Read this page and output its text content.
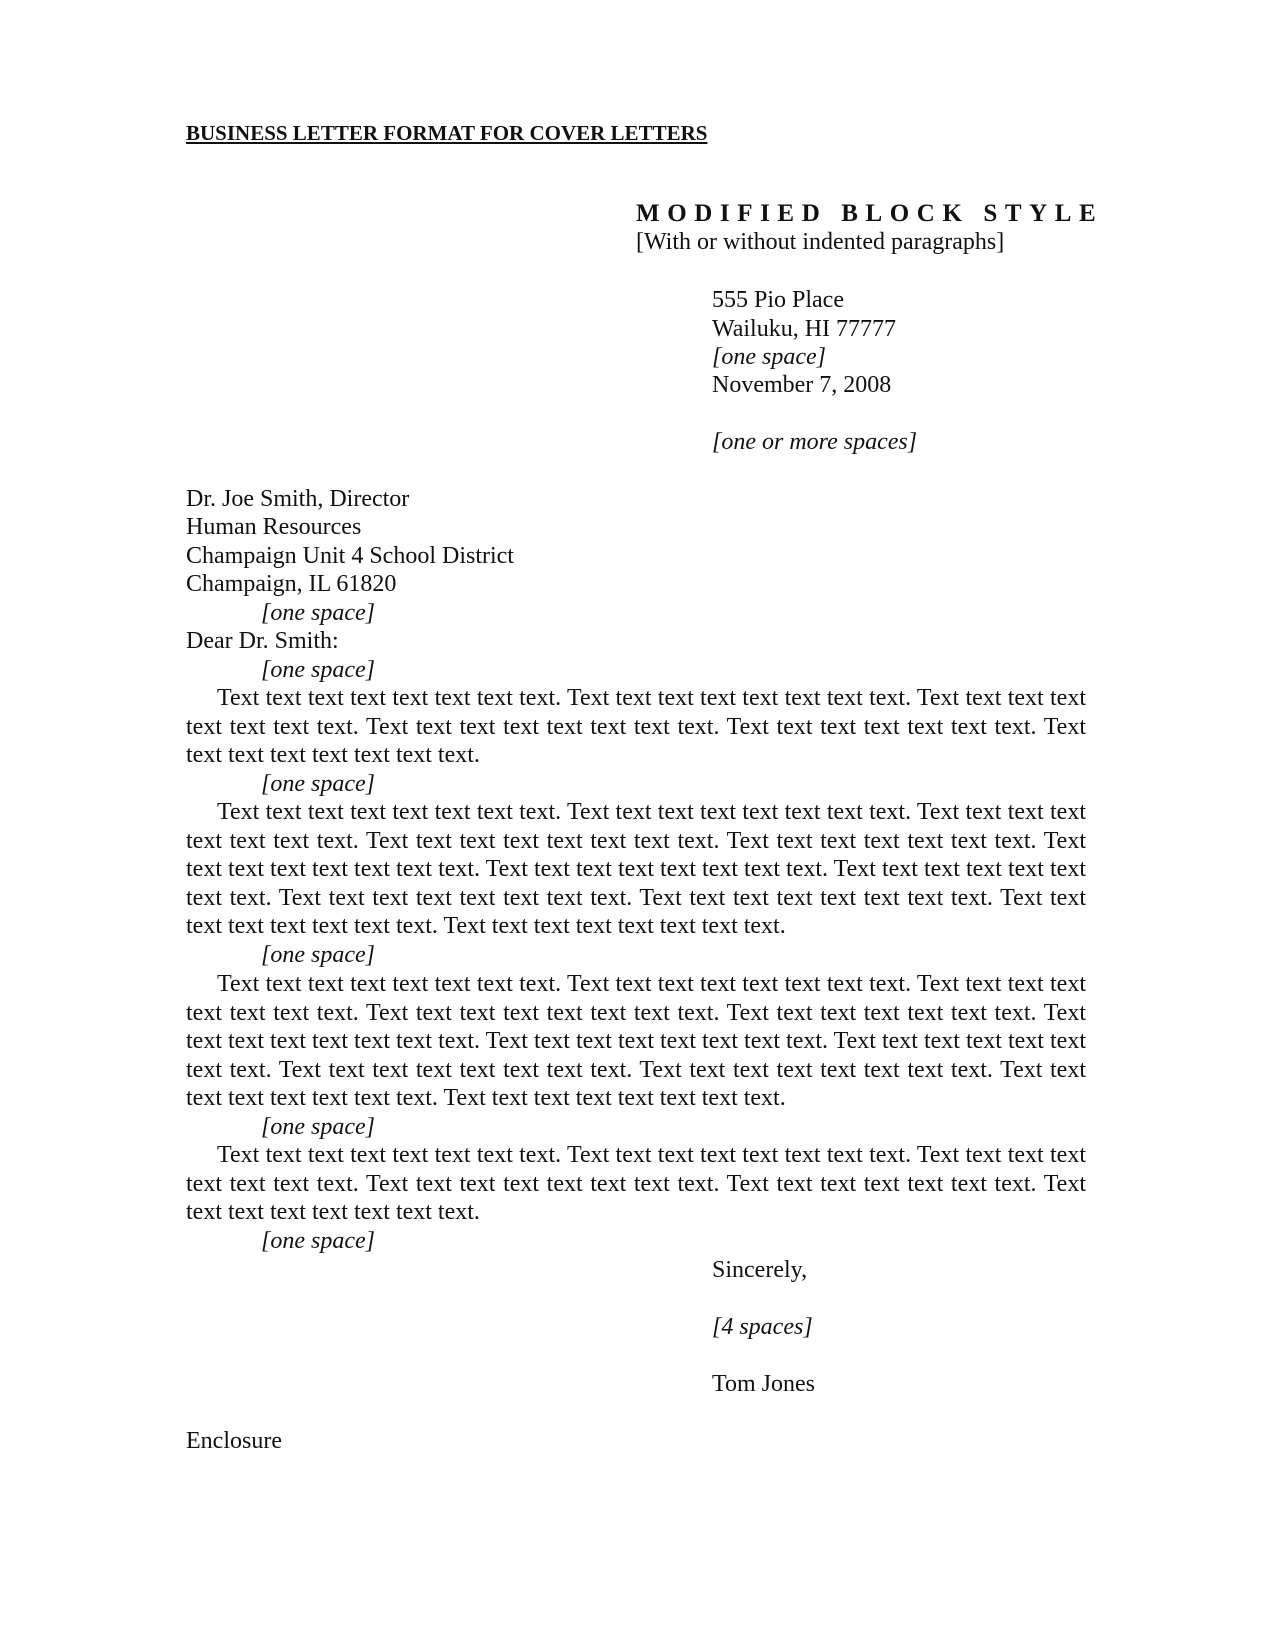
BUSINESS LETTER FORMAT FOR COVER LETTERS
MODIFIED BLOCK STYLE
[With or without indented paragraphs]
555 Pio Place
Wailuku, HI 77777
[one space]
November 7, 2008
[one or more spaces]
Dr. Joe Smith, Director
Human Resources
Champaign Unit 4 School District
Champaign, IL 61820
[one space]
Dear Dr. Smith:
[one space]

Text text text text text text text text. Text text text text text text text text. Text text text text text text text text. Text text text text text text text text. Text text text text text text text. Text text text text text text text text.

[one space]

Text text text text text text text text. Text text text text text text text text. Text text text text text text text text. Text text text text text text text text. Text text text text text text text. Text text text text text text text text. Text text text text text text text text. Text text text text text text text text. Text text text text text text text text. Text text text text text text text text. Text text text text text text text text. Text text text text text text text text.

[one space]

Text text text text text text text text. Text text text text text text text text. Text text text text text text text text. Text text text text text text text text. Text text text text text text text. Text text text text text text text text. Text text text text text text text text. Text text text text text text text text. Text text text text text text text text. Text text text text text text text text. Text text text text text text text text. Text text text text text text text text.

[one space]

Text text text text text text text text. Text text text text text text text text. Text text text text text text text text. Text text text text text text text text. Text text text text text text text. Text text text text text text text text.

[one space]
Sincerely,
[4 spaces]
Tom Jones
Enclosure
